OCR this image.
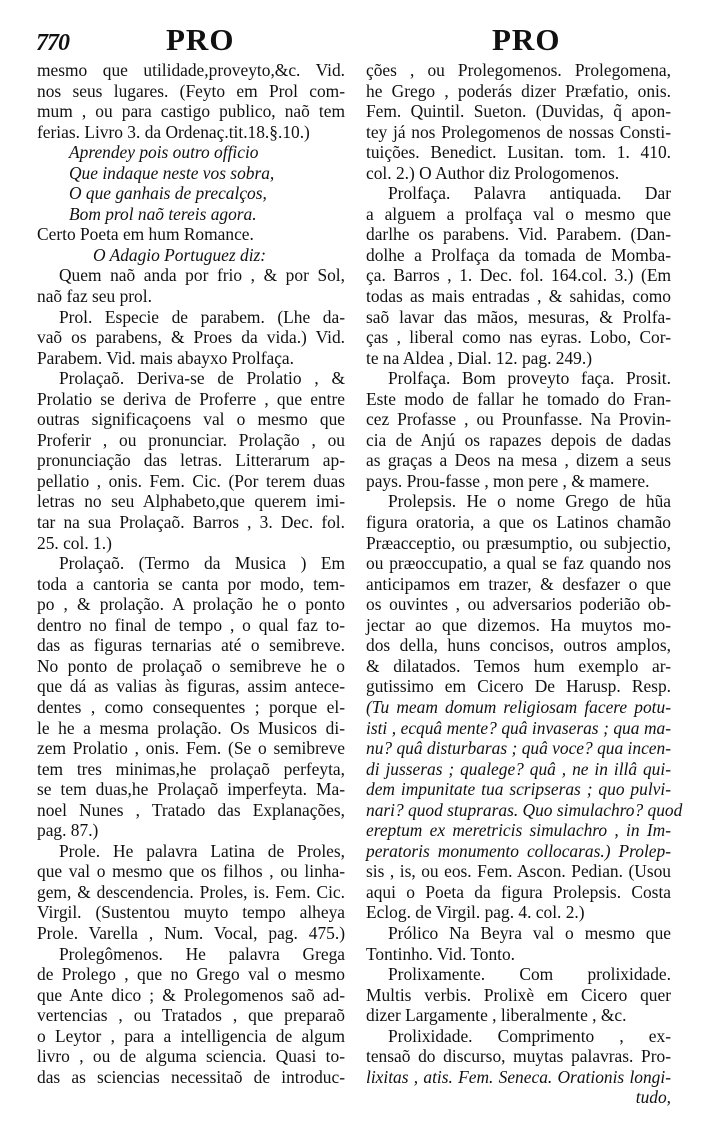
770	PRO	PRO
mesmo que utilidade,proveyto,&c. Vid.
nos seus lugares. (Feyto em Prol com-
mum , ou para castigo publico, naõ tem
ferias. Livro 3. da Ordenaç.tit.18.§.10.)
Aprendey pois outro officio
Que indaque neste vos sobra,
O que ganhais de precalços,
Bom prol naõ tereis agora.
Certo Poeta em hum Romance.
O Adagio Portuguez diz:
Quem naõ anda por frio , & por Sol,
naõ faz seu prol.
Prol. Especie de parabem. (Lhe da-
vaõ os parabens, & Proes da vida.) Vid.
Parabem. Vid. mais abayxo Prolfaça.
Prolaçaõ. Deriva-se de Prolatio , &
Prolatio se deriva de Proferre , que entre
outras significaçoens val o mesmo que
Proferir , ou pronunciar. Prolação , ou
pronunciação das letras. Litterarum ap-
pellatio , onis. Fem. Cic. (Por terem duas
letras no seu Alphabeto,que querem imi-
tar na sua Prolaçaõ. Barros , 3. Dec. fol.
25. col. 1.)
Prolaçaõ. (Termo da Musica ) Em
toda a cantoria se canta por modo, tem-
po , & prolação. A prolação he o ponto
dentro no final de tempo , o qual faz to-
das as figuras ternarias até o semibreve.
No ponto de prolaçaõ o semibreve he o
que dá as valias às figuras, assim antece-
dentes , como consequentes ; porque el-
le he a mesma prolação. Os Musicos di-
zem Prolatio , onis. Fem. (Se o semibreve
tem tres minimas,he prolaçaõ perfeyta,
se tem duas,he Prolaçaõ imperfeyta. Ma-
noel Nunes , Tratado das Explanações,
pag. 87.)
Prole. He palavra Latina de Proles,
que val o mesmo que os filhos , ou linha-
gem, & descendencia. Proles, is. Fem. Cic.
Virgil. (Sustentou muyto tempo alheya
Prole. Varella , Num. Vocal, pag. 475.)
Prolegômenos. He palavra Grega
de Prolego , que no Grego val o mesmo
que Ante dico ; & Prolegomenos saõ ad-
vertencias , ou Tratados , que preparaõ
o Leytor , para a intelligencia de algum
livro , ou de alguma sciencia. Quasi to-
das as sciencias necessitaõ de introduc-
ções , ou Prolegomenos. Prolegomena,
he Grego , poderás dizer Præfatio, onis.
Fem. Quintil. Sueton. (Duvidas, q̃ apon-
tey já nos Prolegomenos de nossas Consti-
tuições. Benedict. Lusitan. tom. 1. 410.
col. 2.) O Author diz Prologomenos.
Prolfaça. Palavra antiquada. Dar
a alguem a prolfaça val o mesmo que
darlhe os parabens. Vid. Parabem. (Dan-
dolhe a Prolfaça da tomada de Momba-
ça. Barros , 1. Dec. fol. 164.col. 3.) (Em
todas as mais entradas , & sahidas, como
saõ lavar das mãos, mesuras, & Prolfa-
ças , liberal como nas eyras. Lobo, Cor-
te na Aldea , Dial. 12. pag. 249.)
Prolfaça. Bom proveyto faça. Prosit.
Este modo de fallar he tomado do Fran-
cez Profasse , ou Prounfasse. Na Provin-
cia de Anjú os rapazes depois de dadas
as graças a Deos na mesa , dizem a seus
pays. Prou-fasse , mon pere , & mamere.
Prolepsis. He o nome Grego de hũa
figura oratoria, a que os Latinos chamão
Præacceptio, ou præsumptio, ou subjectio,
ou præoccupatio, a qual se faz quando nos
anticipamos em trazer, & desfazer o que
os ouvintes , ou adversarios poderião ob-
jectar ao que dizemos. Ha muytos mo-
dos della, huns concisos, outros amplos,
& dilatados. Temos hum exemplo ar-
gutissimo em Cicero De Harusp. Resp.
(Tu meam domum religiosam facere potu-
isti , ecquâ mente? quâ invaseras ; qua ma-
nu? quâ disturbaras ; quâ voce? qua incen-
di jusseras ; qualege? quâ , ne in illâ qui-
dem impunitate tua scripseras ; quo pulvi-
nari? quod stupraras. Quo simulachro? quod
ereptum ex meretricis simulachro , in Im-
peratoris monumento collocaras.) Prolep-
sis , is, ou eos. Fem. Ascon. Pedian. (Usou
aqui o Poeta da figura Prolepsis. Costa
Eclog. de Virgil. pag. 4. col. 2.)
Prólico Na Beyra val o mesmo que
Tontinho. Vid. Tonto.
Prolixamente. Com prolixidade.
Multis verbis. Prolixè em Cicero quer
dizer Largamente , liberalmente , &c.
Prolixidade. Comprimento , ex-
tensaõ do discurso, muytas palavras. Pro-
lixitas , atis. Fem. Seneca. Orationis longi-
tudo,
